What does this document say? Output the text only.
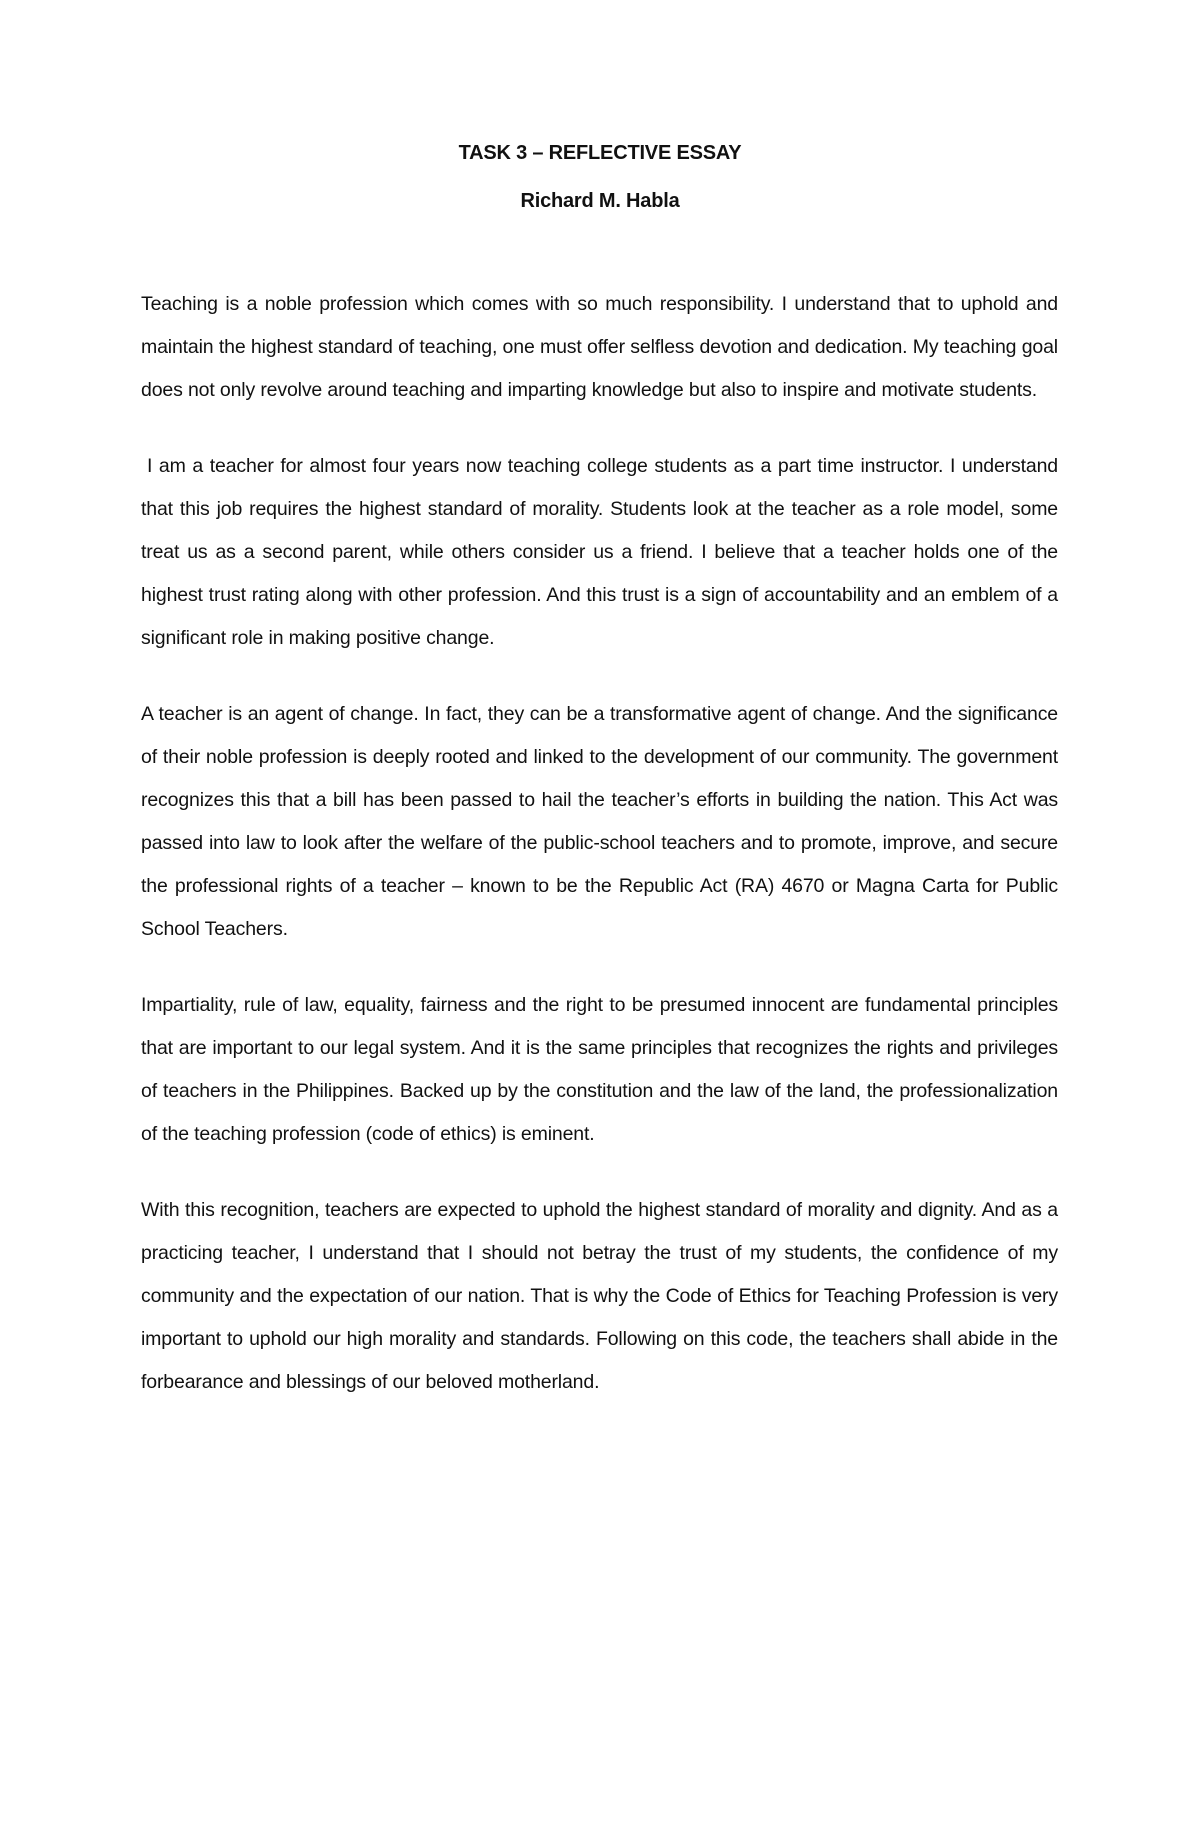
TASK 3 – REFLECTIVE ESSAY
Richard M. Habla

Teaching is a noble profession which comes with so much responsibility. I understand that to uphold and maintain the highest standard of teaching, one must offer selfless devotion and dedication. My teaching goal does not only revolve around teaching and imparting knowledge but also to inspire and motivate students.

I am a teacher for almost four years now teaching college students as a part time instructor. I understand that this job requires the highest standard of morality. Students look at the teacher as a role model, some treat us as a second parent, while others consider us a friend. I believe that a teacher holds one of the highest trust rating along with other profession. And this trust is a sign of accountability and an emblem of a significant role in making positive change.

A teacher is an agent of change. In fact, they can be a transformative agent of change. And the significance of their noble profession is deeply rooted and linked to the development of our community. The government recognizes this that a bill has been passed to hail the teacher’s efforts in building the nation. This Act was passed into law to look after the welfare of the public-school teachers and to promote, improve, and secure the professional rights of a teacher – known to be the Republic Act (RA) 4670 or Magna Carta for Public School Teachers.

Impartiality, rule of law, equality, fairness and the right to be presumed innocent are fundamental principles that are important to our legal system. And it is the same principles that recognizes the rights and privileges of teachers in the Philippines. Backed up by the constitution and the law of the land, the professionalization of the teaching profession (code of ethics) is eminent.

With this recognition, teachers are expected to uphold the highest standard of morality and dignity. And as a practicing teacher, I understand that I should not betray the trust of my students, the confidence of my community and the expectation of our nation. That is why the Code of Ethics for Teaching Profession is very important to uphold our high morality and standards. Following on this code, the teachers shall abide in the forbearance and blessings of our beloved motherland.
